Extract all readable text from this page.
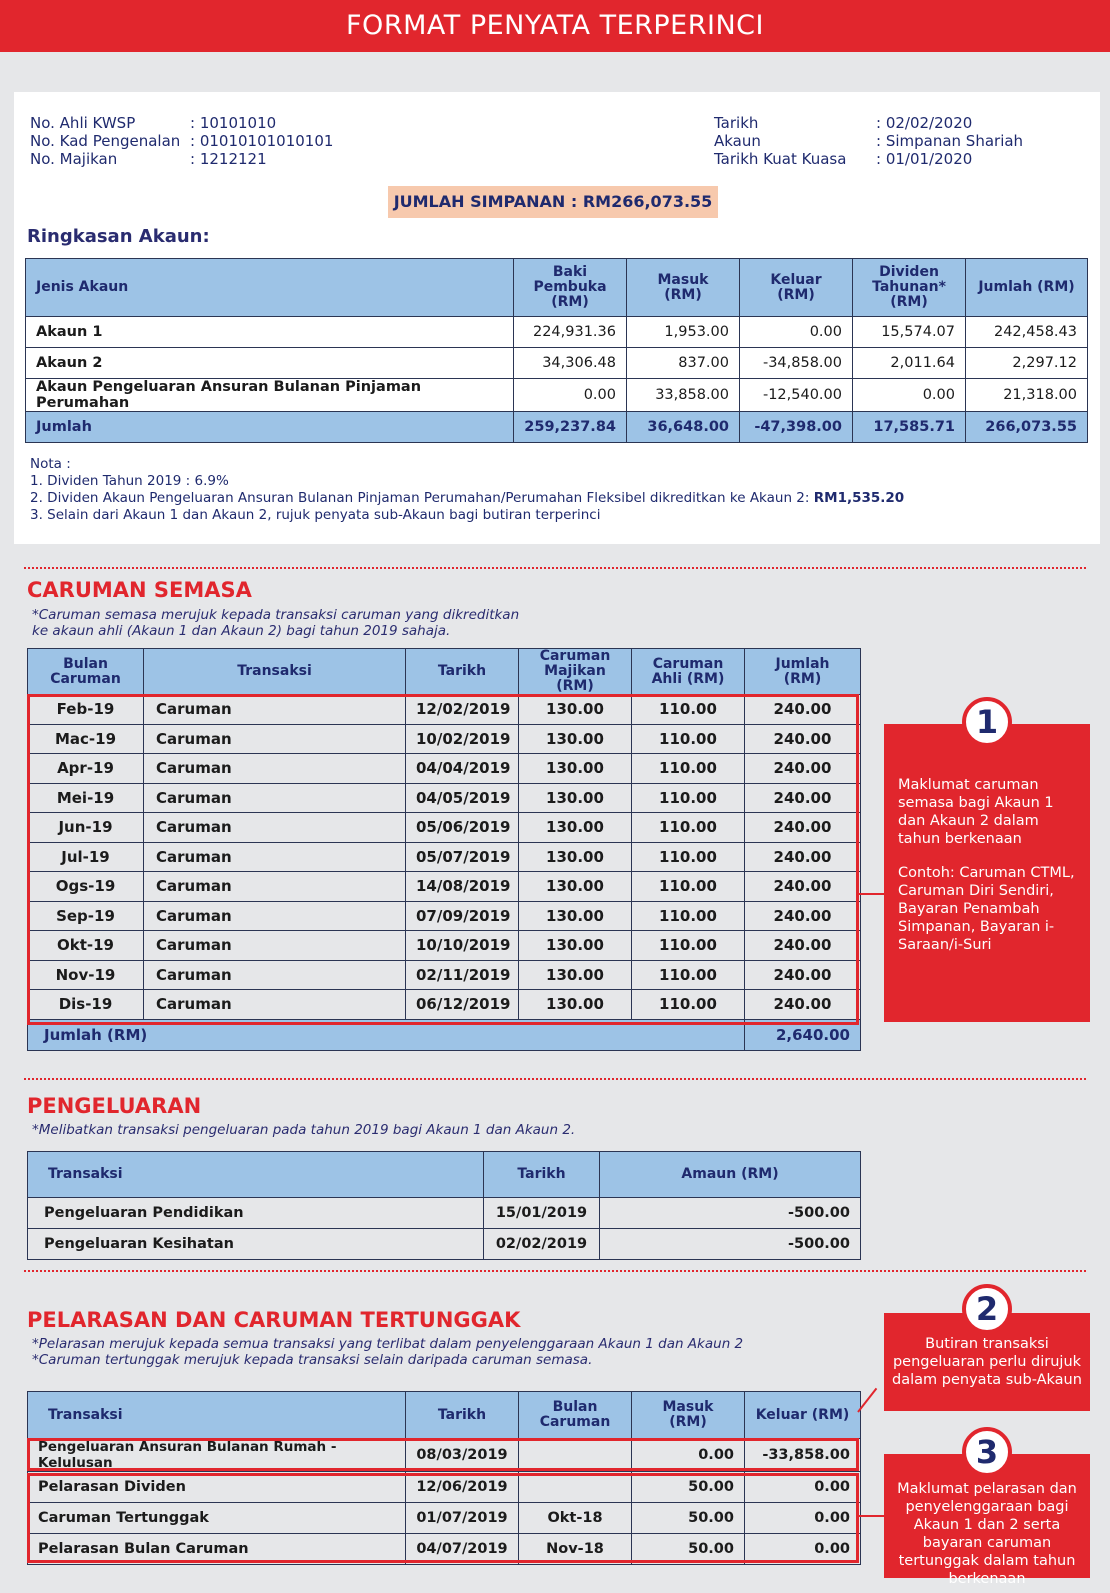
FORMAT PENYATA TERPERINCI
No. Ahli KWSP	: 10101010
No. Kad Pengenalan : 01010101010101
No. Majikan	: 1212121
Tarikh	: 02/02/2020
Akaun	: Simpanan Shariah
Tarikh Kuat Kuasa	: 01/01/2020
JUMLAH SIMPANAN : RM266,073.55
Ringkasan Akaun:
Jenis Akaun	Baki Pembuka (RM)	Masuk (RM)	Keluar (RM)	Dividen Tahunan* (RM)	Jumlah (RM)
Akaun 1	224,931.36	1,953.00	0.00	15,574.07	242,458.43
Akaun 2	34,306.48	837.00	-34,858.00	2,011.64	2,297.12
Akaun Pengeluaran Ansuran Bulanan Pinjaman Perumahan	0.00	33,858.00	-12,540.00	0.00	21,318.00
Jumlah	259,237.84	36,648.00	-47,398.00	17,585.71	266,073.55
Nota :
1. Dividen Tahun 2019 : 6.9%
2. Dividen Akaun Pengeluaran Ansuran Bulanan Pinjaman Perumahan/Perumahan Fleksibel dikreditkan ke Akaun 2: RM1,535.20
3. Selain dari Akaun 1 dan Akaun 2, rujuk penyata sub-Akaun bagi butiran terperinci
CARUMAN SEMASA
*Caruman semasa merujuk kepada transaksi caruman yang dikreditkan
ke akaun ahli (Akaun 1 dan Akaun 2) bagi tahun 2019 sahaja.
Bulan Caruman	Transaksi	Tarikh	Caruman Majikan (RM)	Caruman Ahli (RM)	Jumlah (RM)
Feb-19	Caruman	12/02/2019	130.00	110.00	240.00
Mac-19	Caruman	10/02/2019	130.00	110.00	240.00
Apr-19	Caruman	04/04/2019	130.00	110.00	240.00
Mei-19	Caruman	04/05/2019	130.00	110.00	240.00
Jun-19	Caruman	05/06/2019	130.00	110.00	240.00
Jul-19	Caruman	05/07/2019	130.00	110.00	240.00
Ogs-19	Caruman	14/08/2019	130.00	110.00	240.00
Sep-19	Caruman	07/09/2019	130.00	110.00	240.00
Okt-19	Caruman	10/10/2019	130.00	110.00	240.00
Nov-19	Caruman	02/11/2019	130.00	110.00	240.00
Dis-19	Caruman	06/12/2019	130.00	110.00	240.00
Jumlah (RM)					2,640.00
Maklumat caruman semasa bagi Akaun 1 dan Akaun 2 dalam tahun berkenaan
Contoh: Caruman CTML, Caruman Diri Sendiri, Bayaran Penambah Simpanan, Bayaran i-Saraan/i-Suri
1
PENGELUARAN
*Melibatkan transaksi pengeluaran pada tahun 2019 bagi Akaun 1 dan Akaun 2.
Transaksi	Tarikh	Amaun (RM)
Pengeluaran Pendidikan	15/01/2019	-500.00
Pengeluaran Kesihatan	02/02/2019	-500.00
PELARASAN DAN CARUMAN TERTUNGGAK
*Pelarasan merujuk kepada semua transaksi yang terlibat dalam penyelenggaraan Akaun 1 dan Akaun 2
*Caruman tertunggak merujuk kepada transaksi selain daripada caruman semasa.
Transaksi	Tarikh	Bulan Caruman	Masuk (RM)	Keluar (RM)
Pengeluaran Ansuran Bulanan Rumah - Kelulusan	08/03/2019		0.00	-33,858.00
Pelarasan Dividen	12/06/2019		50.00	0.00
Caruman Tertunggak	01/07/2019	Okt-18	50.00	0.00
Pelarasan Bulan Caruman	04/07/2019	Nov-18	50.00	0.00
Butiran transaksi pengeluaran perlu dirujuk dalam penyata sub-Akaun
2
Maklumat pelarasan dan penyelenggaraan bagi Akaun 1 dan 2 serta bayaran caruman tertunggak dalam tahun berkenaan
3
